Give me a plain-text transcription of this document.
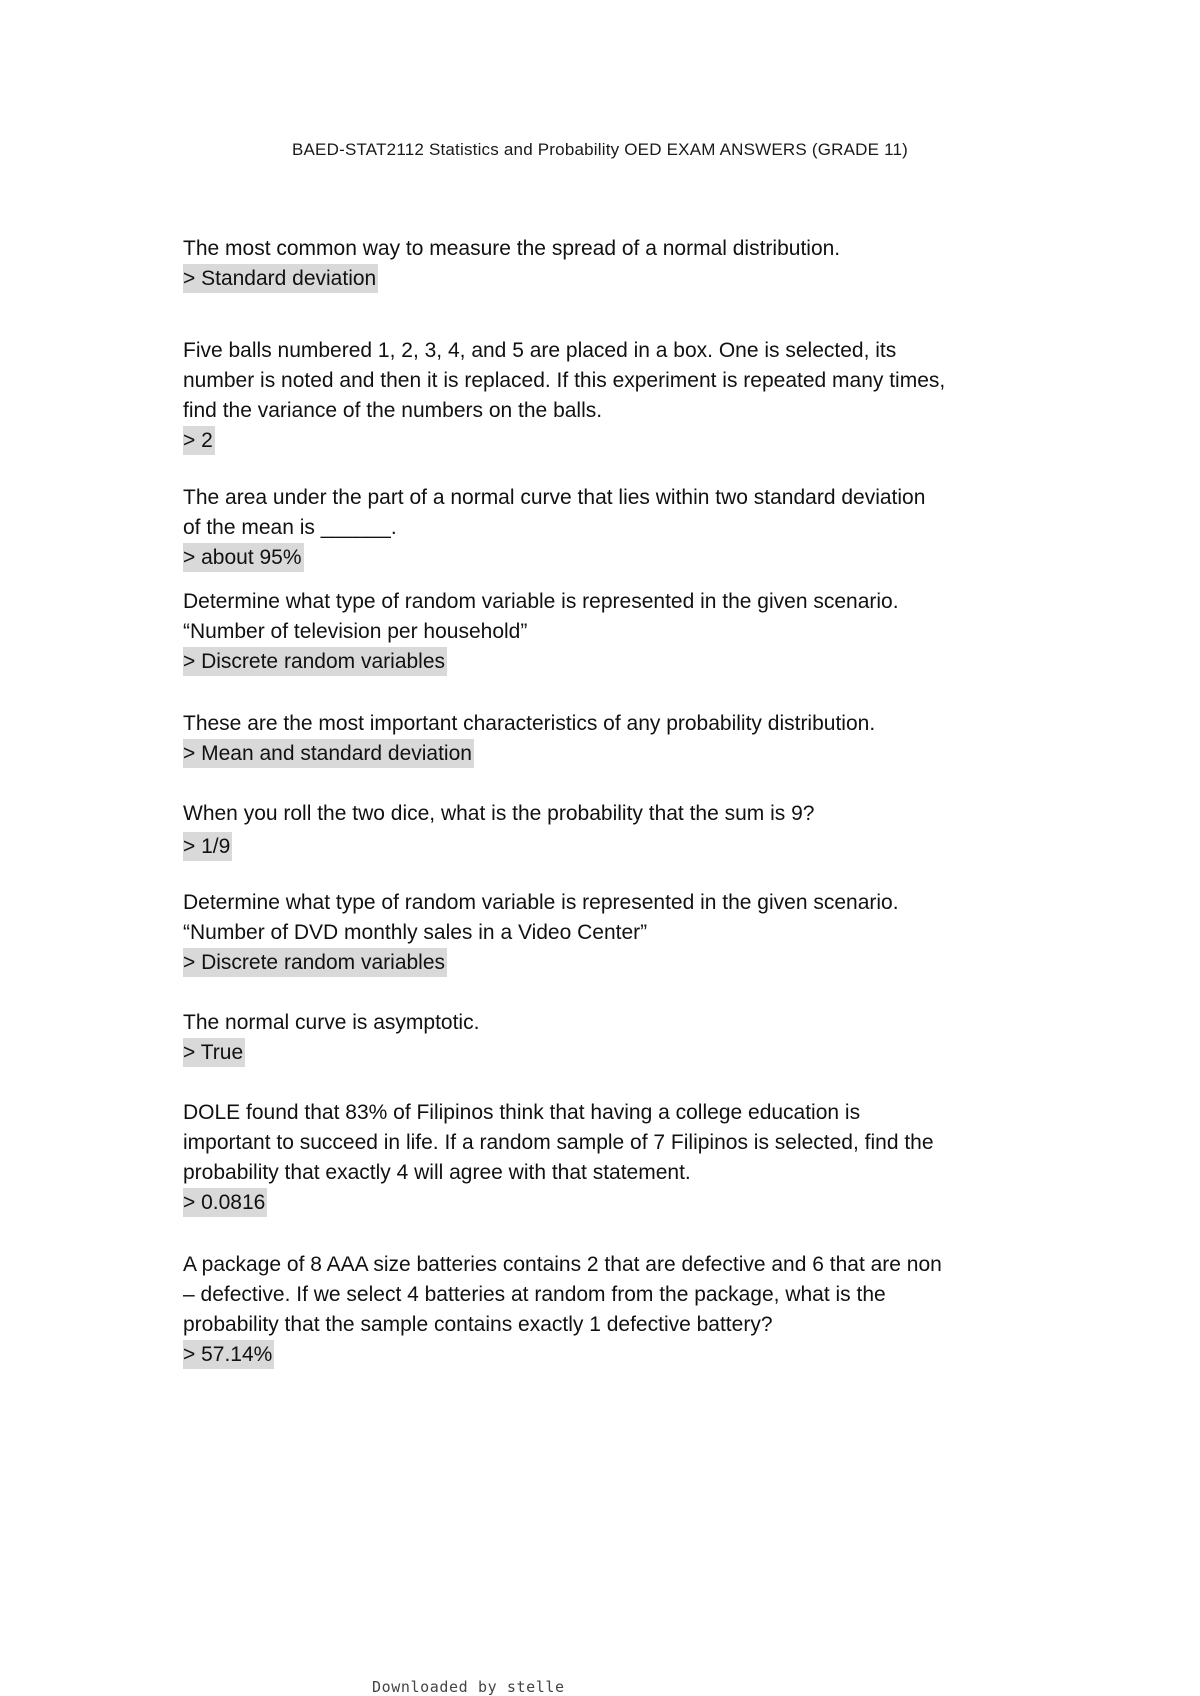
BAED-STAT2112 Statistics and Probability OED EXAM ANSWERS (GRADE 11)
The most common way to measure the spread of a normal distribution.
> Standard deviation
Five balls numbered 1, 2, 3, 4, and 5 are placed in a box. One is selected, its
number is noted and then it is replaced. If this experiment is repeated many times,
find the variance of the numbers on the balls.
> 2
The area under the part of a normal curve that lies within two standard deviation
of the mean is ______.
> about 95%
Determine what type of random variable is represented in the given scenario.
“Number of television per household”
> Discrete random variables
These are the most important characteristics of any probability distribution.
> Mean and standard deviation
When you roll the two dice, what is the probability that the sum is 9?
> 1/9
Determine what type of random variable is represented in the given scenario.
“Number of DVD monthly sales in a Video Center”
> Discrete random variables
The normal curve is asymptotic.
> True
DOLE found that 83% of Filipinos think that having a college education is
important to succeed in life. If a random sample of 7 Filipinos is selected, find the
probability that exactly 4 will agree with that statement.
> 0.0816
A package of 8 AAA size batteries contains 2 that are defective and 6 that are non
– defective. If we select 4 batteries at random from the package, what is the
probability that the sample contains exactly 1 defective battery?
> 57.14%
Downloaded by stelle
